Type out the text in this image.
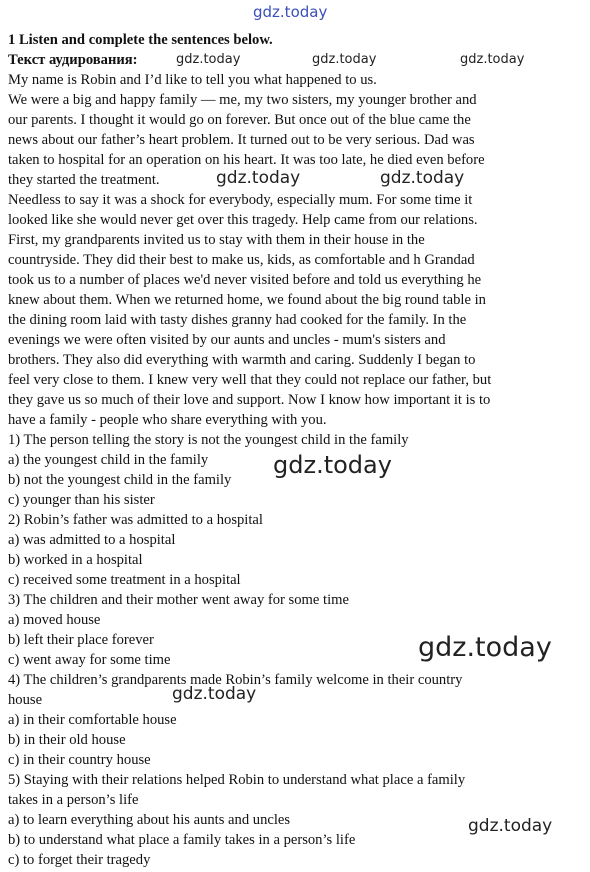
gdz.today

1 Listen and complete the sentences below.

Текст аудирования:

My name is Robin and I’d like to tell you what happened to us.

We were a big and happy family — me, my two sisters, my younger brother and

our parents. I thought it would go on forever. But once out of the blue came the

news about our father’s heart problem. It turned out to be very serious. Dad was

taken to hospital for an operation on his heart. It was too late, he died even before

they started the treatment.

Needless to say it was a shock for everybody, especially mum. For some time it

looked like she would never get over this tragedy. Help came from our relations.

First, my grandparents invited us to stay with them in their house in the

countryside. They did their best to make us, kids, as comfortable and h Grandad

took us to a number of places we'd never visited before and told us everything he

knew about them. When we returned home, we found about the big round table in

the dining room laid with tasty dishes granny had cooked for the family. In the

evenings we were often visited by our aunts and uncles - mum's sisters and

brothers. They also did everything with warmth and caring. Suddenly I began to

feel very close to them. I knew very well that they could not replace our father, but

they gave us so much of their love and support. Now I know how important it is to

have a family - people who share everything with you.

1) The person telling the story is not the youngest child in the family

a) the youngest child in the family

b) not the youngest child in the family

c) younger than his sister

2) Robin’s father was admitted to a hospital

a) was admitted to a hospital

b) worked in a hospital

c) received some treatment in a hospital

3) The children and their mother went away for some time

a) moved house

b) left their place forever

c) went away for some time

4) The children’s grandparents made Robin’s family welcome in their country

house

a) in their comfortable house

b) in their old house

c) in their country house

5) Staying with their relations helped Robin to understand what place a family

takes in a person’s life

a) to learn everything about his aunts and uncles

b) to understand what place a family takes in a person’s life

c) to forget their tragedy

gdz.today	gdz.today	gdz.today
gdz.today	gdz.today
gdz.today
gdz.today
gdz.today
gdz.today
